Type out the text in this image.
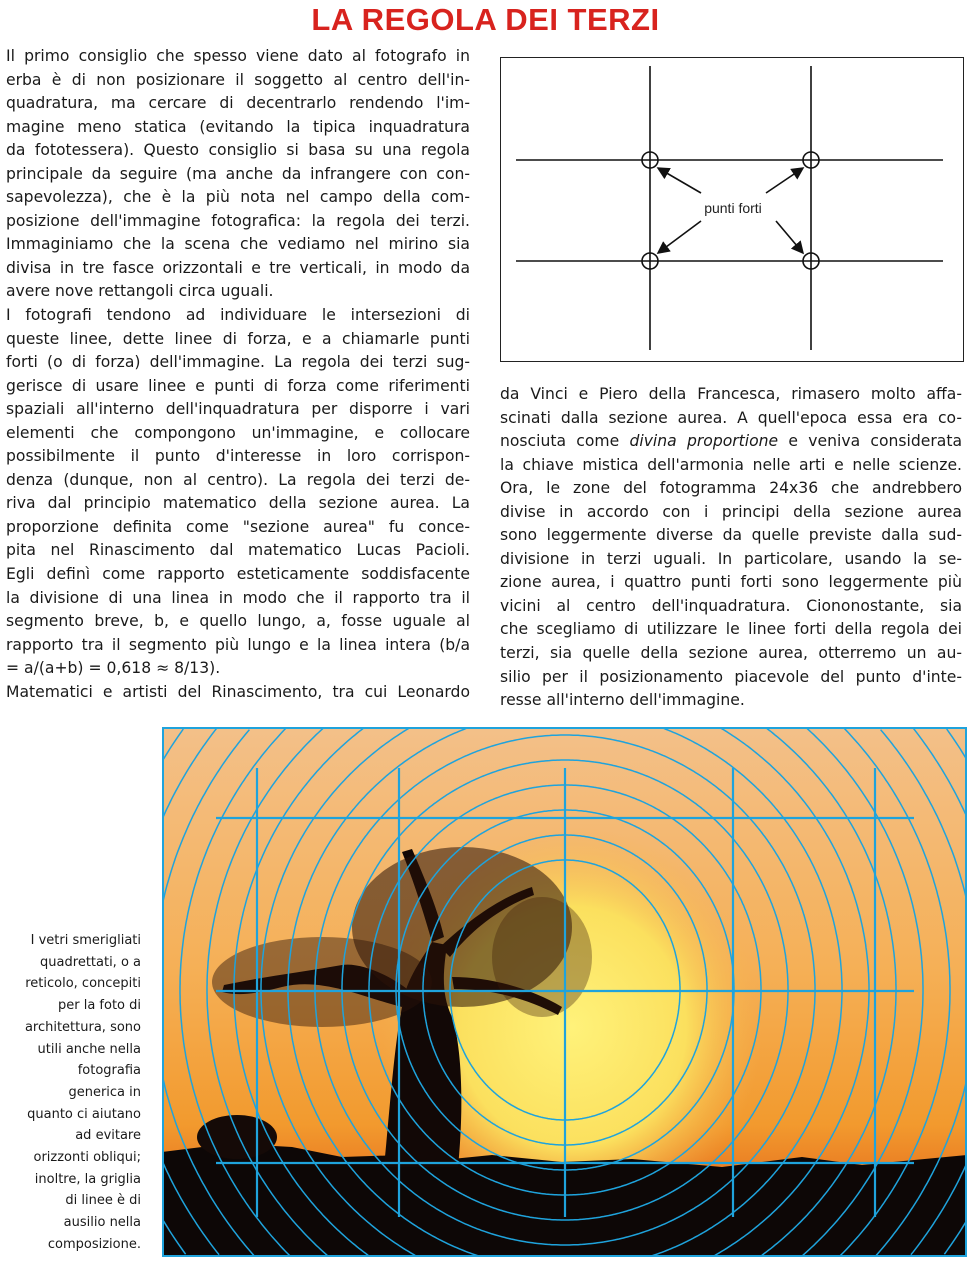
LA REGOLA DEI TERZI
Il primo consiglio che spesso viene dato al fotografo in
erba è di non posizionare il soggetto al centro dell'in-
quadratura, ma cercare di decentrarlo rendendo l'im-
magine meno statica (evitando la tipica inquadratura
da fototessera). Questo consiglio si basa su una regola
principale da seguire (ma anche da infrangere con con-
sapevolezza), che è la più nota nel campo della com-
posizione dell'immagine fotografica: la regola dei terzi.
Immaginiamo che la scena che vediamo nel mirino sia
divisa in tre fasce orizzontali e tre verticali, in modo da
avere nove rettangoli circa uguali.
I fotografi tendono ad individuare le intersezioni di
queste linee, dette linee di forza, e a chiamarle punti
forti (o di forza) dell'immagine. La regola dei terzi sug-
gerisce di usare linee e punti di forza come riferimenti
spaziali all'interno dell'inquadratura per disporre i vari
elementi che compongono un'immagine, e collocare
possibilmente il punto d'interesse in loro corrispon-
denza (dunque, non al centro). La regola dei terzi de-
riva dal principio matematico della sezione aurea. La
proporzione definita come "sezione aurea" fu conce-
pita nel Rinascimento dal matematico Lucas Pacioli.
Egli definì come rapporto esteticamente soddisfacente
la divisione di una linea in modo che il rapporto tra il
segmento breve, b, e quello lungo, a, fosse uguale al
rapporto tra il segmento più lungo e la linea intera (b/a
= a/(a+b) = 0,618 ≈ 8/13).
Matematici e artisti del Rinascimento, tra cui Leonardo
da Vinci e Piero della Francesca, rimasero molto affa-
scinati dalla sezione aurea. A quell'epoca essa era co-
nosciuta come divina proportione e veniva considerata
la chiave mistica dell'armonia nelle arti e nelle scienze.
Ora, le zone del fotogramma 24x36 che andrebbero
divise in accordo con i principi della sezione aurea
sono leggermente diverse da quelle previste dalla sud-
divisione in terzi uguali. In particolare, usando la se-
zione aurea, i quattro punti forti sono leggermente più
vicini al centro dell'inquadratura. Ciononostante, sia
che scegliamo di utilizzare le linee forti della regola dei
terzi, sia quelle della sezione aurea, otterremo un au-
silio per il posizionamento piacevole del punto d'inte-
resse all'interno dell'immagine.
punti forti
I vetri smerigliati
quadrettati, o a
reticolo, concepiti
per la foto di
architettura, sono
utili anche nella
fotografia
generica in
quanto ci aiutano
ad evitare
orizzonti obliqui;
inoltre, la griglia
di linee è di
ausilio nella
composizione.
